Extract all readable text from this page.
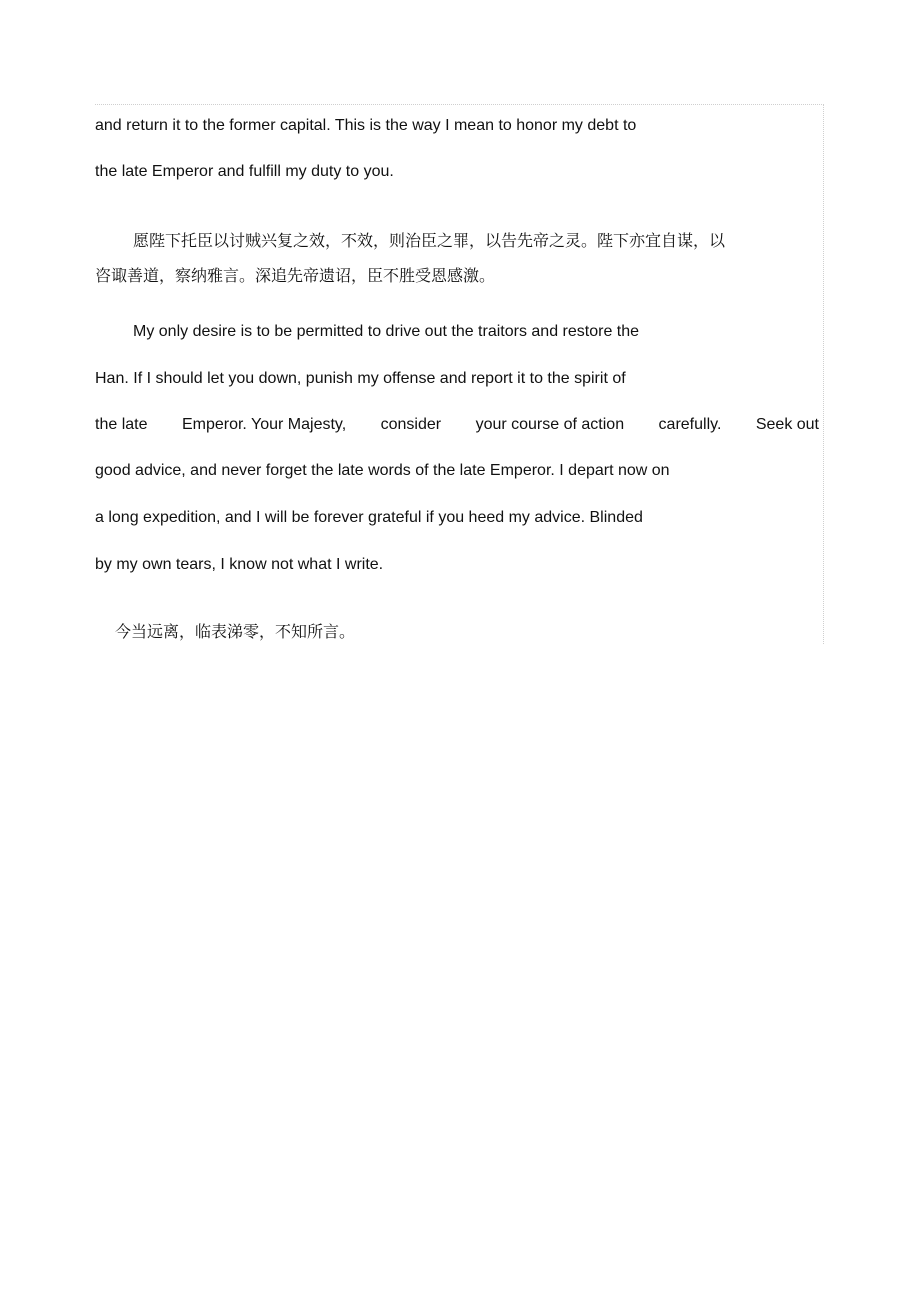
and return it to the former capital. This is the way I mean to honor my debt to

the late Emperor and fulfill my duty to you.

愿陛下托臣以讨贼兴复之效，不效，则治臣之罪，以告先帝之灵。陛下亦宜自谋，以

咨诹善道，察纳雅言。深追先帝遗诏，臣不胜受恩感激。

My only desire is to be permitted to drive out the traitors and restore the

Han. If I should let you down, punish my offense and report it to the spirit of

the late Emperor. Your Majesty, consider your course of action carefully. Seek out

good advice, and never forget the late words of the late Emperor. I depart now on

a long expedition, and I will be forever grateful if you heed my advice. Blinded

by my own tears, I know not what I write.

今当远离，临表涕零，不知所言。
